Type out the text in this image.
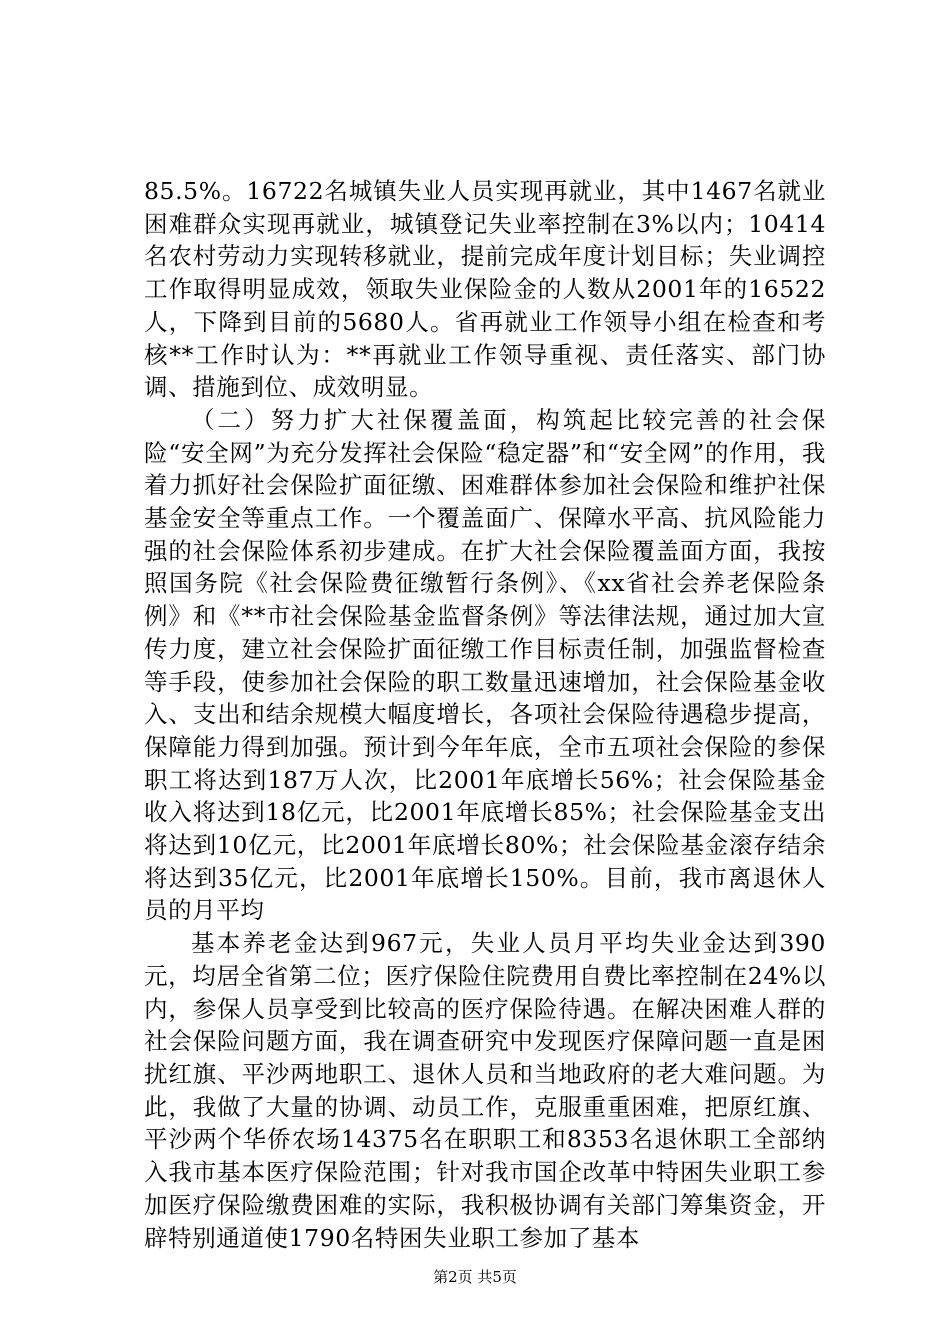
85.5%。16722名城镇失业人员实现再就业，其中1467名就业困难群众实现再就业，城镇登记失业率控制在3%以内；10414名农村劳动力实现转移就业，提前完成年度计划目标；失业调控工作取得明显成效，领取失业保险金的人数从2001年的16522人，下降到目前的5680人。省再就业工作领导小组在检查和考核**工作时认为：**再就业工作领导重视、责任落实、部门协调、措施到位、成效明显。

（二）努力扩大社保覆盖面，构筑起比较完善的社会保险“安全网”为充分发挥社会保险“稳定器”和“安全网”的作用，我着力抓好社会保险扩面征缴、困难群体参加社会保险和维护社保基金安全等重点工作。一个覆盖面广、保障水平高、抗风险能力强的社会保险体系初步建成。在扩大社会保险覆盖面方面，我按照国务院《社会保险费征缴暂行条例》、《xx省社会养老保险条例》和《**市社会保险基金监督条例》等法律法规，通过加大宣传力度，建立社会保险扩面征缴工作目标责任制，加强监督检查等手段，使参加社会保险的职工数量迅速增加，社会保险基金收入、支出和结余规模大幅度增长，各项社会保险待遇稳步提高，保障能力得到加强。预计到今年年底，全市五项社会保险的参保职工将达到187万人次，比2001年底增长56%；社会保险基金收入将达到18亿元，比2001年底增长85%；社会保险基金支出将达到10亿元，比2001年底增长80%；社会保险基金滚存结余将达到35亿元，比2001年底增长150%。目前，我市离退休人员的月平均

基本养老金达到967元，失业人员月平均失业金达到390元，均居全省第二位；医疗保险住院费用自费比率控制在24%以内，参保人员享受到比较高的医疗保险待遇。在解决困难人群的社会保险问题方面，我在调查研究中发现医疗保障问题一直是困扰红旗、平沙两地职工、退休人员和当地政府的老大难问题。为此，我做了大量的协调、动员工作，克服重重困难，把原红旗、平沙两个华侨农场14375名在职职工和8353名退休职工全部纳入我市基本医疗保险范围；针对我市国企改革中特困失业职工参加医疗保险缴费困难的实际，我积极协调有关部门筹集资金，开辟特别通道使1790名特困失业职工参加了基本

第2页 共5页
